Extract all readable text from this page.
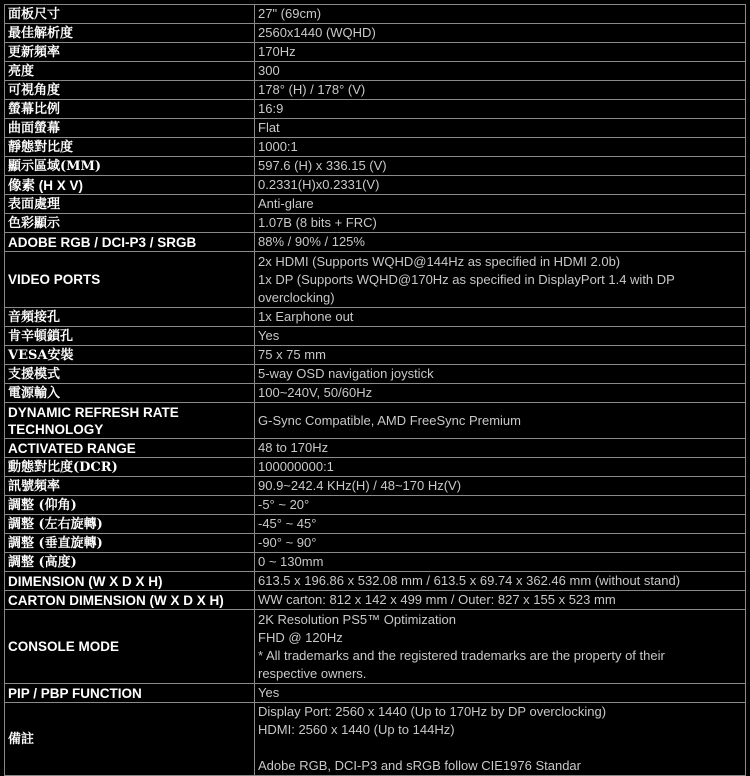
面板尺寸	27" (69cm)

最佳解析度	2560x1440 (WQHD)

更新頻率	170Hz

亮度	300

可視角度	178° (H) / 178° (V)

螢幕比例	16:9

曲面螢幕	Flat

靜態對比度	1000:1

顯示區域(MM)	597.6 (H) x 336.15 (V)

像素 (H X V)	0.2331(H)x0.2331(V)

表面處理	Anti-glare

色彩顯示	1.07B (8 bits + FRC)

ADOBE RGB / DCI-P3 / SRGB	88% / 90% / 125%

VIDEO PORTS	2x HDMI (Supports WQHD@144Hz as specified in HDMI 2.0b)
1x DP (Supports WQHD@170Hz as specified in DisplayPort 1.4 with DP
overclocking)

音頻接孔	1x Earphone out

肯辛頓鎖孔	Yes

VESA安裝	75 x 75 mm

支援模式	5-way OSD navigation joystick

電源輸入	100~240V, 50/60Hz

DYNAMIC REFRESH RATE TECHNOLOGY	G-Sync Compatible, AMD FreeSync Premium

ACTIVATED RANGE	48 to 170Hz

動態對比度(DCR)	100000000:1

訊號頻率	90.9~242.4 KHz(H) / 48~170 Hz(V)

調整 (仰角)	-5° ~ 20°

調整 (左右旋轉)	-45° ~ 45°

調整 (垂直旋轉)	-90° ~ 90°

調整 (高度)	0 ~ 130mm

DIMENSION (W X D X H)	613.5 x 196.86 x 532.08 mm / 613.5 x 69.74 x 362.46 mm (without stand)

CARTON DIMENSION (W X D X H)	WW carton: 812 x 142 x 499 mm / Outer: 827 x 155 x 523 mm

CONSOLE MODE	2K Resolution PS5™ Optimization
FHD @ 120Hz
* All trademarks and the registered trademarks are the property of their
respective owners.

PIP / PBP FUNCTION	Yes

備註	Display Port: 2560 x 1440 (Up to 170Hz by DP overclocking)
HDMI: 2560 x 1440 (Up to 144Hz)

Adobe RGB, DCI-P3 and sRGB follow CIE1976 Standar
